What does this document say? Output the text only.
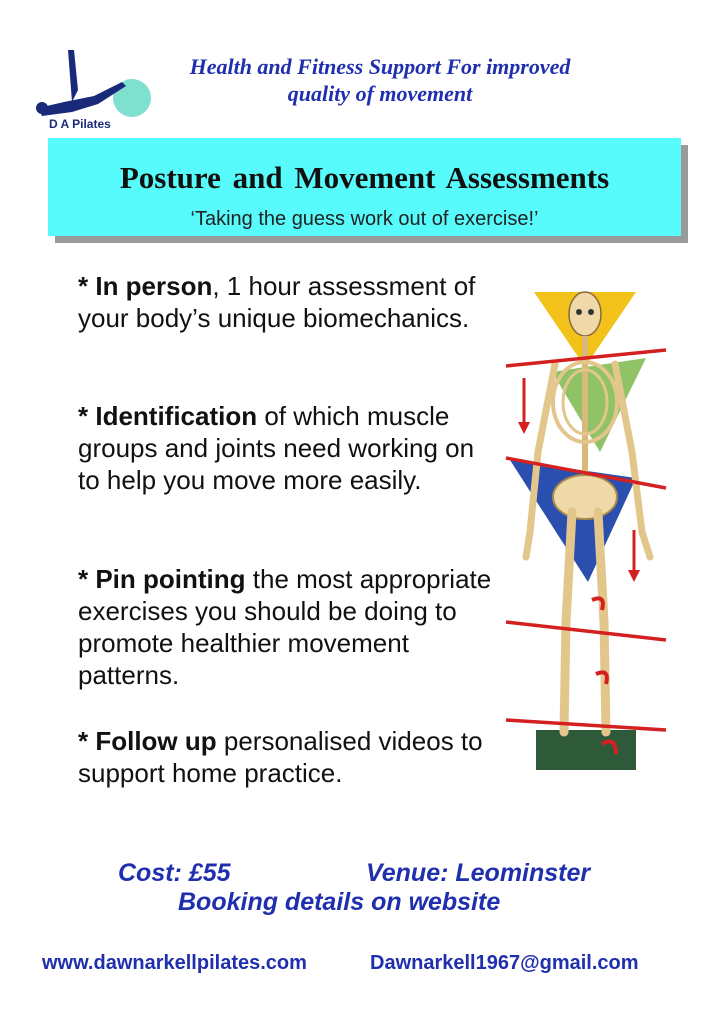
D A Pilates
Health and Fitness Support For improved
quality of movement
Posture and Movement Assessments
‘Taking the guess work out of exercise!’
* In person, 1 hour assessment of your body’s unique biomechanics.
* Identification of which muscle groups and joints need working on to help you move more easily.
* Pin pointing the most appropriate exercises you should be doing to promote healthier movement patterns.
* Follow up personalised videos to support home practice.
Cost: £55	Venue: Leominster
Booking details on website
www.dawnarkellpilates.com	Dawnarkell1967@gmail.com
